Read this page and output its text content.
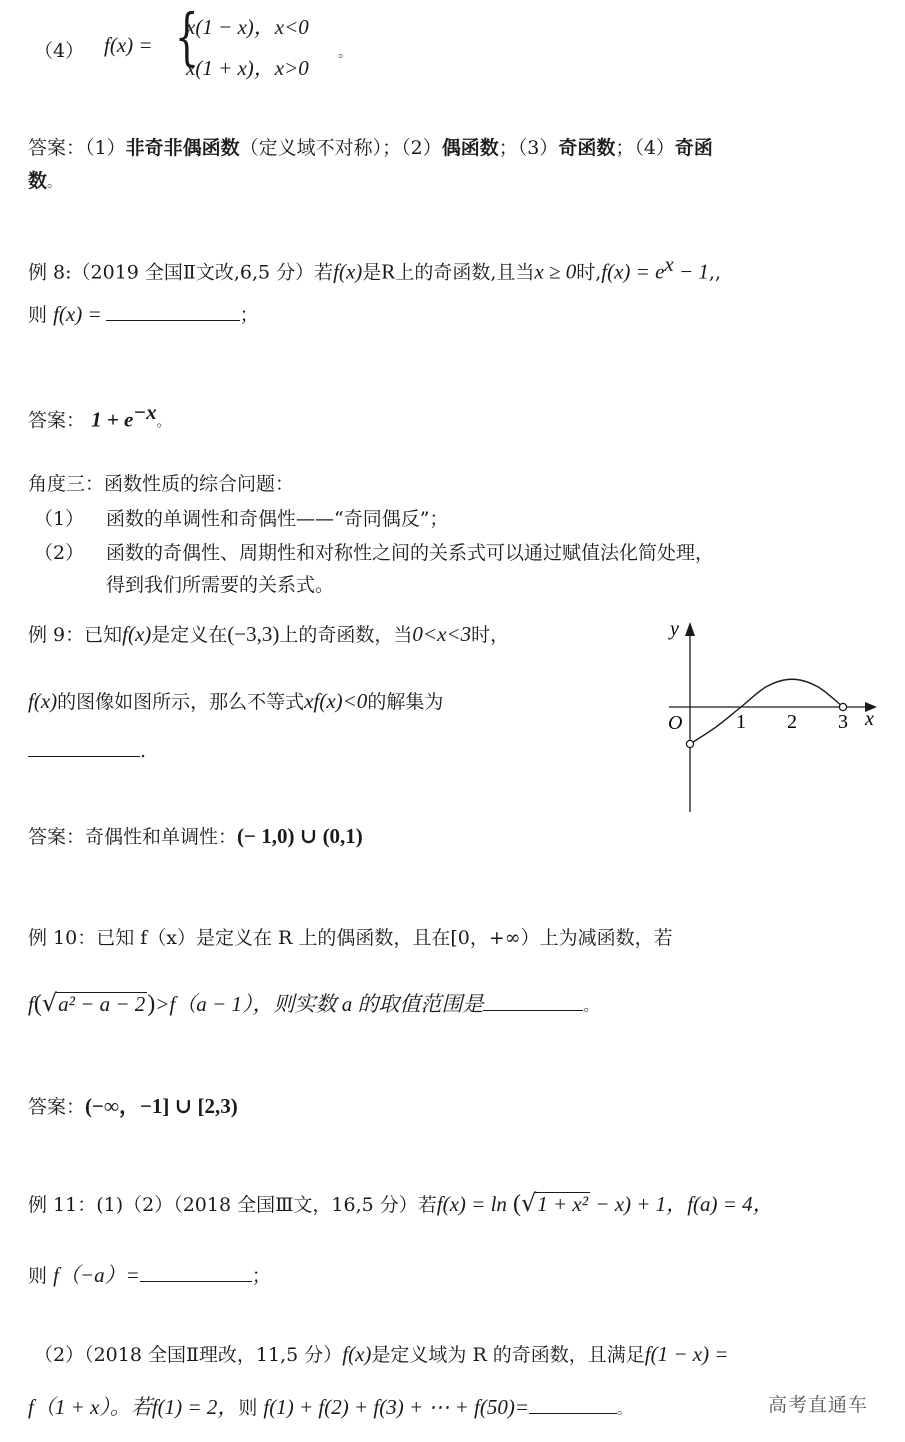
（4） f(x) = {
x(1 − x)，x<0
x(1 + x)，x>0
。
答案：（1）非奇非偶函数（定义域不对称）；（2）偶函数；（3）奇函数；（4）奇函
数。
例 8:（2019 全国Ⅱ文改,6,5 分）若f(x)是R上的奇函数,且当x ≥ 0时$,f(x) = e^x - 1$,,
则 f(x) =	；
答案： $1 + e^{-x}$。
角度三：函数性质的综合问题：
（1） 函数的单调性和奇偶性——“奇同偶反”；
（2） 函数的奇偶性、周期性和对称性之间的关系式可以通过赋值法化简处理，
得到我们所需要的关系式。
例 9：已知f(x)是定义在(−3,3)上的奇函数，当0<x<3时，
f(x)的图像如图所示，那么不等式xf(x)<0的解集为
.
y
x
O	1 2 3
答案：奇偶性和单调性：(− 1,0) ∪ (0,1)
例 10：已知 f（x）是定义在 R 上的偶函数，且在[0，+∞）上为减函数，若
f(√a² − a − 2)>f（a − 1），则实数 a 的取值范围是	。
答案：(−∞，−1] ∪ [2,3)
例 11：(1)（2）（2018 全国Ⅲ文，16,5 分）若f(x) = ln (√1 + x² − x) + 1，f(a) = 4，
则 f（−a）=	；
（2）（2018 全国Ⅱ理改，11,5 分）f(x)是定义域为 R 的奇函数，且满足f(1 − x) =
f（1 + x）。若f(1) = 2，则 f(1) + f(2) + f(3) + ⋯ + f(50)=	。	高考直通车
